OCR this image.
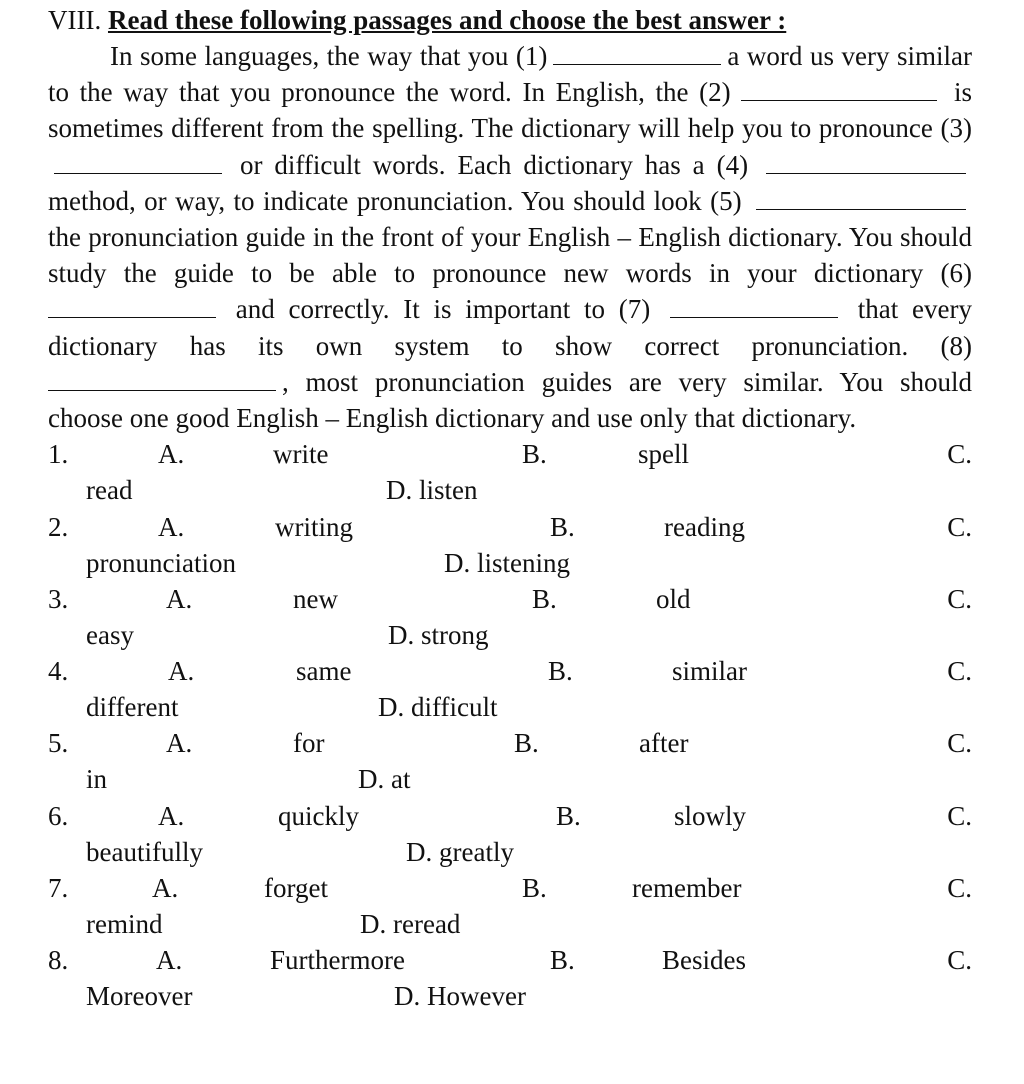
VIII. Read these following passages and choose the best answer :

In some languages, the way that you (1)	a word us very similar to the way that you pronounce the word. In English, the (2)	is sometimes different from the spelling. The dictionary will help you to pronounce (3)  or difficult words. Each dictionary has a (4)  method, or way, to indicate pronunciation. You should look (5)  the pronunciation guide in the front of your English – English dictionary. You should study the guide to be able to pronounce new words in your dictionary (6)  and correctly. It is important to (7)	that every dictionary has its own system to show correct pronunciation. (8) , most pronunciation guides are very similar. You should choose one good English – English dictionary and use only that dictionary.

1.	A.	write	B.	spell	C.
read	D. listen
2.	A.	writing	B.	reading	C.
pronunciation	D. listening
3.	A.	new	B.	old	C.
easy	D. strong
4.	A.	same	B.	similar	C.
different	D. difficult
5.	A.	for	B.	after	C.
in	D. at
6.	A.	quickly	B.	slowly	C.
beautifully	D. greatly
7.	A.	forget	B.	remember	C.
remind	D. reread
8.	A.	Furthermore	B.	Besides	C.
Moreover	D. However
